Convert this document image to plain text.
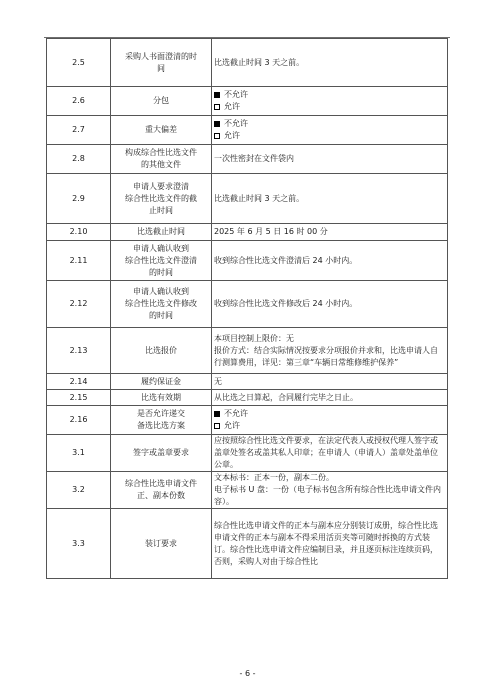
2.5	采购人书面澄清的时
间	比选截止时间 3 天之前。

2.6	分包	不允许
允许

2.7	重大偏差	不允许
允许

2.8	构成综合性比选文件
的其他文件	一次性密封在文件袋内

2.9	申请人要求澄清
综合性比选文件的截
止时间	比选截止时间 3 天之前。

2.10	比选截止时间	2025 年 6 月 5 日 16 时 00 分

2.11	申请人确认收到
综合性比选文件澄清
的时间	收到综合性比选文件澄清后 24 小时内。

2.12	申请人确认收到
综合性比选文件修改
的时间	收到综合性比选文件修改后 24 小时内。

2.13	比选报价	本项目控制上限价：无
报价方式：结合实际情况按要求分项报价并求和，比选申请人自行测算费用，详见：第三章“车辆日常维修维护保养”

2.14	履约保证金	无

2.15	比选有效期	从比选之日算起，合同履行完毕之日止。

2.16	是否允许递交
备选比选方案	不允许
允许

3.1	签字或盖章要求	应按照综合性比选文件要求，在法定代表人或授权代理人签字或盖章处签名或盖其私人印章；在申请人（申请人）盖章处盖单位公章。

3.2	综合性比选申请文件
正、副本份数	文本标书：正本一份，副本二份。
电子标书 U 盘：一份（电子标书包含所有综合性比选申请文件内容）。

3.3	装订要求	综合性比选申请文件的正本与副本应分别装订成册，综合性比选申请文件的正本与副本不得采用活页夹等可随时拆换的方式装订。综合性比选申请文件应编制目录，并且逐页标注连续页码，否则，采购人对由于综合性比
- 6 -
